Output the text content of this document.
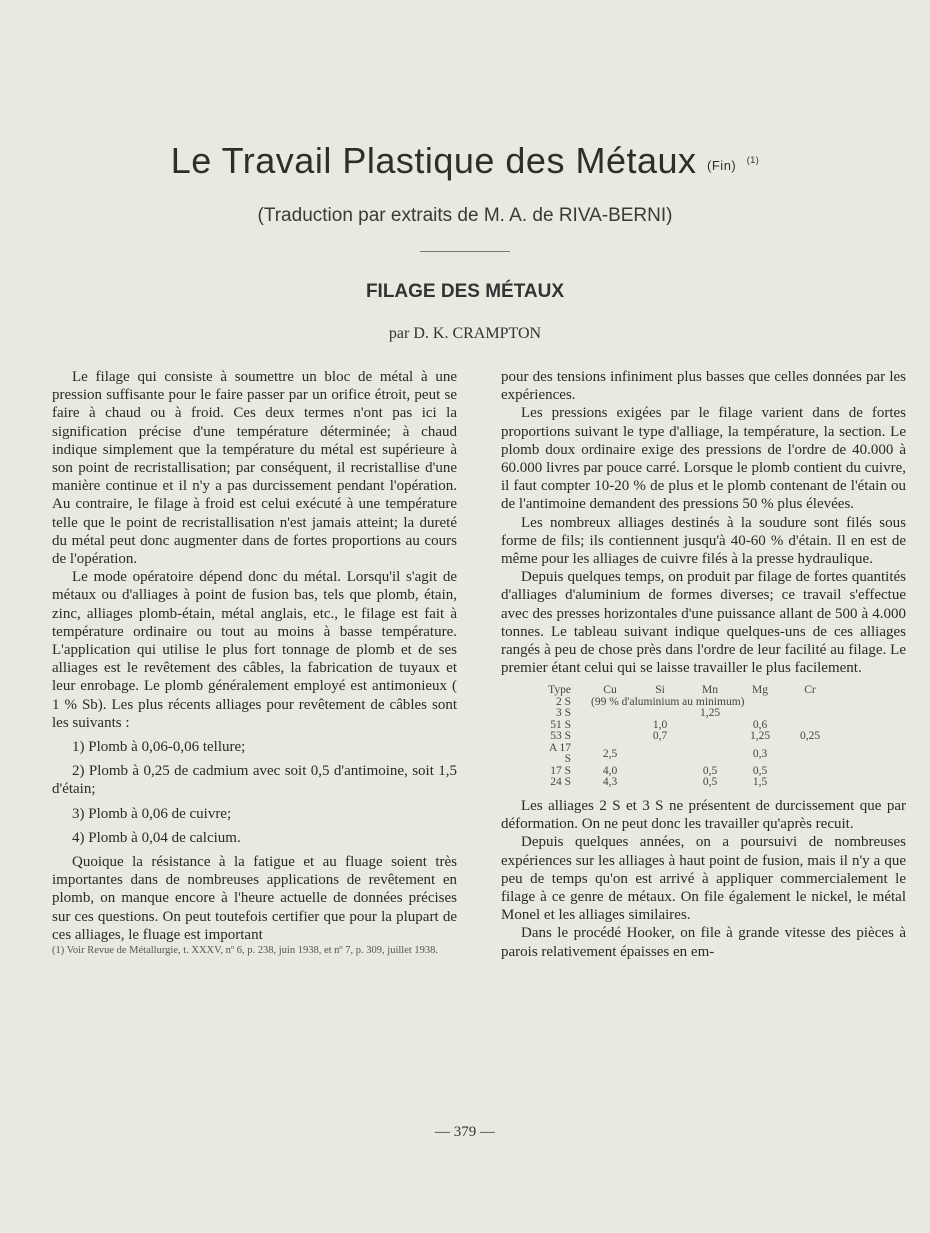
Le Travail Plastique des Métaux (Fin) $^{(1)}$
(Traduction par extraits de M. A. de RIVA-BERNI)
FILAGE DES MÉTAUX
par D. K. CRAMPTON

Le filage qui consiste à soumettre un bloc de métal à une pression suffisante pour le faire passer par un orifice étroit, peut se faire à chaud ou à froid. Ces deux termes n'ont pas ici la signification précise d'une température déterminée; à chaud indique simplement que la température du métal est supérieure à son point de recristallisation; par conséquent, il recristallise d'une manière continue et il n'y a pas durcissement pendant l'opération. Au contraire, le filage à froid est celui exécuté à une température telle que le point de recristallisation n'est jamais atteint; la dureté du métal peut donc augmenter dans de fortes proportions au cours de l'opération.

Le mode opératoire dépend donc du métal. Lorsqu'il s'agit de métaux ou d'alliages à point de fusion bas, tels que plomb, étain, zinc, alliages plomb-étain, métal anglais, etc., le filage est fait à température ordinaire ou tout au moins à basse température. L'application qui utilise le plus fort tonnage de plomb et de ses alliages est le revêtement des câbles, la fabrication de tuyaux et leur enrobage. Le plomb généralement employé est antimonieux ( 1 % Sb). Les plus récents alliages pour revêtement de câbles sont les suivants :

1) Plomb à 0,06-0,06 tellure;

2) Plomb à 0,25 de cadmium avec soit 0,5 d'antimoine, soit 1,5 d'étain;

3) Plomb à 0,06 de cuivre;

4) Plomb à 0,04 de calcium.

Quoique la résistance à la fatigue et au fluage soient très importantes dans de nombreuses applications de revêtement en plomb, on manque encore à l'heure actuelle de données précises sur ces questions. On peut toutefois certifier que pour la plupart de ces alliages, le fluage est important

(1) Voir Revue de Métallurgie, t. XXXV, nº 6, p. 238, juin 1938, et nº 7, p. 309, juillet 1938.

pour des tensions infiniment plus basses que celles données par les expériences.

Les pressions exigées par le filage varient dans de fortes proportions suivant le type d'alliage, la température, la section. Le plomb doux ordinaire exige des pressions de l'ordre de 40.000 à 60.000 livres par pouce carré. Lorsque le plomb contient du cuivre, il faut compter 10-20 % de plus et le plomb contenant de l'étain ou de l'antimoine demandent des pressions 50 % plus élevées.

Les nombreux alliages destinés à la soudure sont filés sous forme de fils; ils contiennent jusqu'à 40-60 % d'étain. Il en est de même pour les alliages de cuivre filés à la presse hydraulique.

Depuis quelques temps, on produit par filage de fortes quantités d'alliages d'aluminium de formes diverses; ce travail s'effectue avec des presses horizontales d'une puissance allant de 500 à 4.000 tonnes. Le tableau suivant indique quelques-uns de ces alliages rangés à peu de chose près dans l'ordre de leur facilité au filage. Le premier étant celui qui se laisse travailler le plus facilement.

Type	Cu	Si	Mn	Mg	Cr
2 S	(99 % d'aluminium au minimum)				
3 S			1,25		
51 S		1,0		0,6	
53 S		0,7		1,25	0,25
A 17 S	2,5			0,3	
17 S	4,0		0,5	0,5	
24 S	4,3		0,5	1,5	

Les alliages 2 S et 3 S ne présentent de durcissement que par déformation. On ne peut donc les travailler qu'après recuit.

Depuis quelques années, on a poursuivi de nombreuses expériences sur les alliages à haut point de fusion, mais il n'y a que peu de temps qu'on est arrivé à appliquer commercialement le filage à ce genre de métaux. On file également le nickel, le métal Monel et les alliages similaires.

Dans le procédé Hooker, on file à grande vitesse des pièces à parois relativement épaisses en em-

— 379 —
